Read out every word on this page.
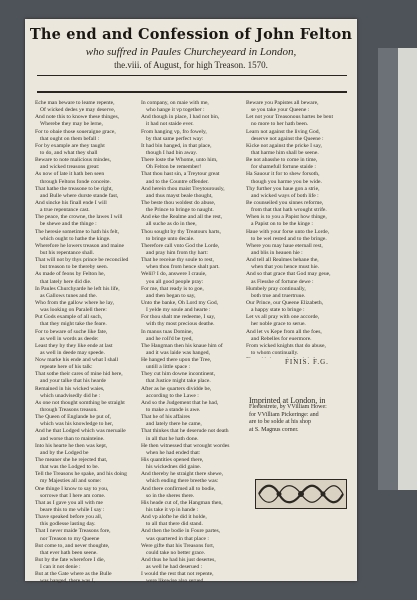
The end and Confession of John Felton
who suffred in Paules Churcheyeard in London,
the.viii. of August, for high Treason. 1570.
Eche man beware to leame repente,
Of wicked dedes ye may deserve,
And note this to knowe these thinges,
Wherebe they may be lerne,
For to obaie those soueraigne grace,
that ought on them befall :
For by example are they taught
to do, and what they shall
Beware to note malicious mindes,
and wicked treasons great:
As now of late it hath ben seen
through Feltons fonde conceite.
That hathe the treasone to be right,
and Bulle where durste stande fast,
And sincke his finall ende I will
a true repentance cast.
The peace, the crowne, the lawes I will
be shewe and the thinge :
The heresie sometime to hath his felt,
which ought to hathe the kinge.
Wherefore he lowers treason and maine
but his repentance shall.
That will not by thys prince be reconciled
but treason to be thereby seen.
As made of feons by Felton he,
that lately here did die.
In Paules Churchyarde he left his life,
as Gallows tunes and the.
Who from the gallow where he lay,
was looking on Paralell there:
Put Gods example of all such,
that they might take the feare.
For to beware of suche like fate,
as well in words as deede:
Least they by they like ende at last
as well in deede may speede.
Now marke his ende and what I shall
repeate here of his talk:
That sothe their cares of mine hid here,
and your talke that his hearde
Remained in his wicked waies,
which unadvisedly did he :
As one not thought somthing be straight
through Treasons treason.
The Queen of Englande he put of,
which was his knowledge to her,
And he that Lodged which was meruaile
and worse than to mainteine.
Into his hearte he then was kept,
and by the Lodged be
The meaner she he rejected that,
that was the Lodged to be.
Tell the Treasons he spake, and his doing
my Majesties all and some:
One thinge I know to say to you,
sorrowe that I here am come.
That as I gave you all with me
beare this to me while I say :
Thave speaked before you all,
this godlesse lasting day.
That I never maide Treasons fore,
nor Treason to my Queene
But come to, and never thoughte,
that ever hath been seene.
But by the fate wherefore I die,
I can it not denie :
But at the Gate where as the Bulle
was hanged, there was I,
In company, on maie with me,
who hange it vp together :
And though in place, I had not bin,
it had not staide ever.
From hanging vp, fro fowely,
by that same perfect way:
It had bin hanged, in that place,
though I had bin away.
There loste the Whome, unto him,
Oh Felton be remember!
That thou hast sin, a Treytour great
and to the Countre offender.
And herein thou maist Treytourously,
and thus mayst beale thought,
The beste thou woldest do abuse,
the Prince to bringe to naught.
And eke the Realme and all the rest,
all suche as do in thee,
Thou sought by thy Treatours harts,
to bringe unto decaie.
Therefore call vnto God the Lorde,
and pray him from thy hart:
That he receiue thy soule to rest,
when thou from hence shalt part.
Welil? I do, answere I crauie,
you all good people pray:
For me, that ready is to goe,
and then began to say,
Unto the banke, Oh Lord my God,
I yelde my soule and hearte :
For thou shalt me redeeme, I say,
with thy most precious deathe.
In manus tuas Domine,
and he roll'd be tyed,
The Hangman then his knaue him of
and it was laide was hanged,
He hanged there upon the Tree,
untill a little space :
They cut him downe incontinent,
that Justice might take place.
After as he quarters dividde be,
according to the Lawe :
And so the Judgement that he had,
to make a stande is awe.
That he of his affaires
and lately there he came,
That thinkes that he deserude not death
in all that he hath done.
He then witnessed that wrought wordes
when he had ended that:
His quantities opened there,
his wickednes did gaine.
And thereby he straight there shewe,
which ending there breethe was:
And there confirmed all to bodie,
so in the sheres there.
His heade cut of, the Hangman then,
his take it vp in hande :
And vp alofte he did it holde,
to all that there did stand.
And then the bodie in Foure partes,
was quartered in that place :
Were gifte that his Treasons fort,
could take no better grace.
And thus he had his just desertes,
as well he had deserued :
I would the rest that not repente,
were likewise also serued.
Beware you Papistes all beware,
se you take your Queene :
Let not your Treasonous hartes be bent
no more to her hath been.
Learn not against the living God,
deserve not against the Queene :
Kicke not against the pricke I say,
that harme him shall be seene.
Be not abasshe to come in time,
for shamefull fortune staide :
Ha Sauour it for to shew forsoth,
though you harme you be wide.
Thy further you haue gon a strie,
and wicked ways of both life :
Be counseiled you sinnes reforme,
from that that hath wrought strife.
When is to you a Papist how thinge,
a Papist on to be the kinge :
Haue with your forse unto the Lorde,
to be wel rested and to the bringe.
Where you may haue eternall rest,
and blis in heauen hie :
And tell all Realmes behane the,
when that you hence must hie.
And so that grace that God may geue,
as Flesshe of fortune dewe :
Humbely pray continually,
both true and truertruue.
Our Prince, our Queene Elizabeth,
a happy state to bringe :
Let vs all pray with one accorde,
her noble grace to serue.
And let vs Kepe from all the foes,
and Rebelles for euermore.
From wicked knights that do abuse,
to whom continually.
FINIS. F.G.
Imprinted at London, in
Fleetestrete, by VVilliam Howe:
for VVilliam Pickeringe: and
are to be solde at his shop
at S. Magnus corner.
